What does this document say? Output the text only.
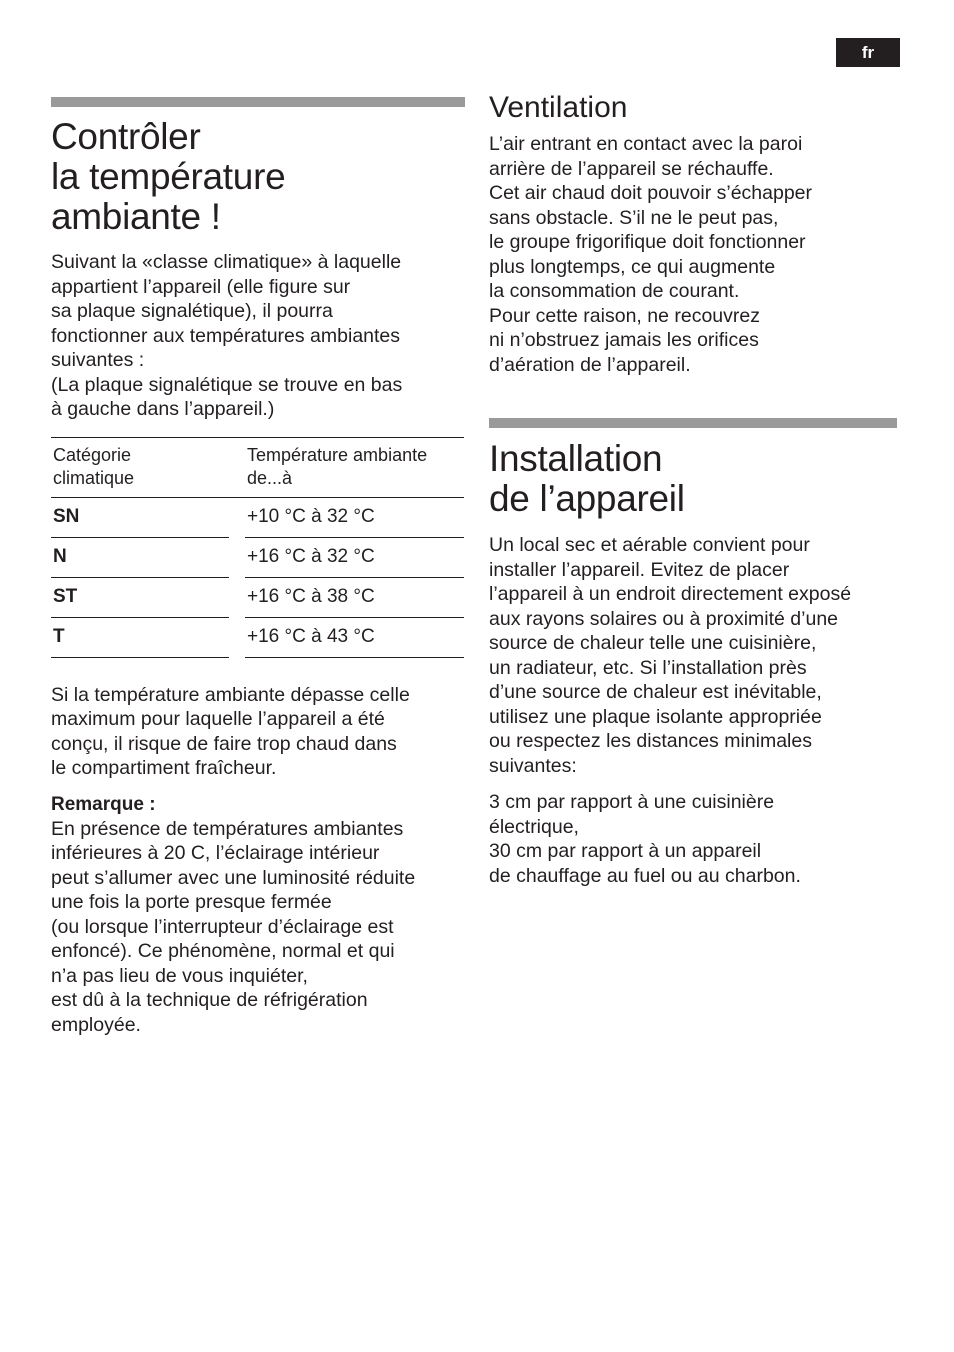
fr
Contrôler
la température
ambiante !

Suivant la «classe climatique» à laquelle
appartient l’appareil (elle figure sur
sa plaque signalétique), il pourra
fonctionner aux températures ambiantes
suivantes :
(La plaque signalétique se trouve en bas
à gauche dans l’appareil.)

Catégorie
climatique		Température ambiante
de...à
SN		+10 °C à 32 °C
N		+16 °C à 32 °C
ST		+16 °C à 38 °C
T		+16 °C à 43 °C

Si la température ambiante dépasse celle
maximum pour laquelle l’appareil a été
conçu, il risque de faire trop chaud dans
le compartiment fraîcheur.

Remarque :

En présence de températures ambiantes
inférieures à 20 C, l’éclairage intérieur
peut s’allumer avec une luminosité réduite
une fois la porte presque fermée
(ou lorsque l’interrupteur d’éclairage est
enfoncé). Ce phénomène, normal et qui
n’a pas lieu de vous inquiéter,
est dû à la technique de réfrigération
employée.

Ventilation

L’air entrant en contact avec la paroi
arrière de l’appareil se réchauffe.
Cet air chaud doit pouvoir s’échapper
sans obstacle. S’il ne le peut pas,
le groupe frigorifique doit fonctionner
plus longtemps, ce qui augmente
la consommation de courant.
Pour cette raison, ne recouvrez
ni n’obstruez jamais les orifices
d’aération de l’appareil.

Installation
de l’appareil

Un local sec et aérable convient pour
installer l’appareil. Evitez de placer
l’appareil à un endroit directement exposé
aux rayons solaires ou à proximité d’une
source de chaleur telle une cuisinière,
un radiateur, etc. Si l’installation près
d’une source de chaleur est inévitable,
utilisez une plaque isolante appropriée
ou respectez les distances minimales
suivantes:

3 cm par rapport à une cuisinière
électrique,
30 cm par rapport à un appareil
de chauffage au fuel ou au charbon.
